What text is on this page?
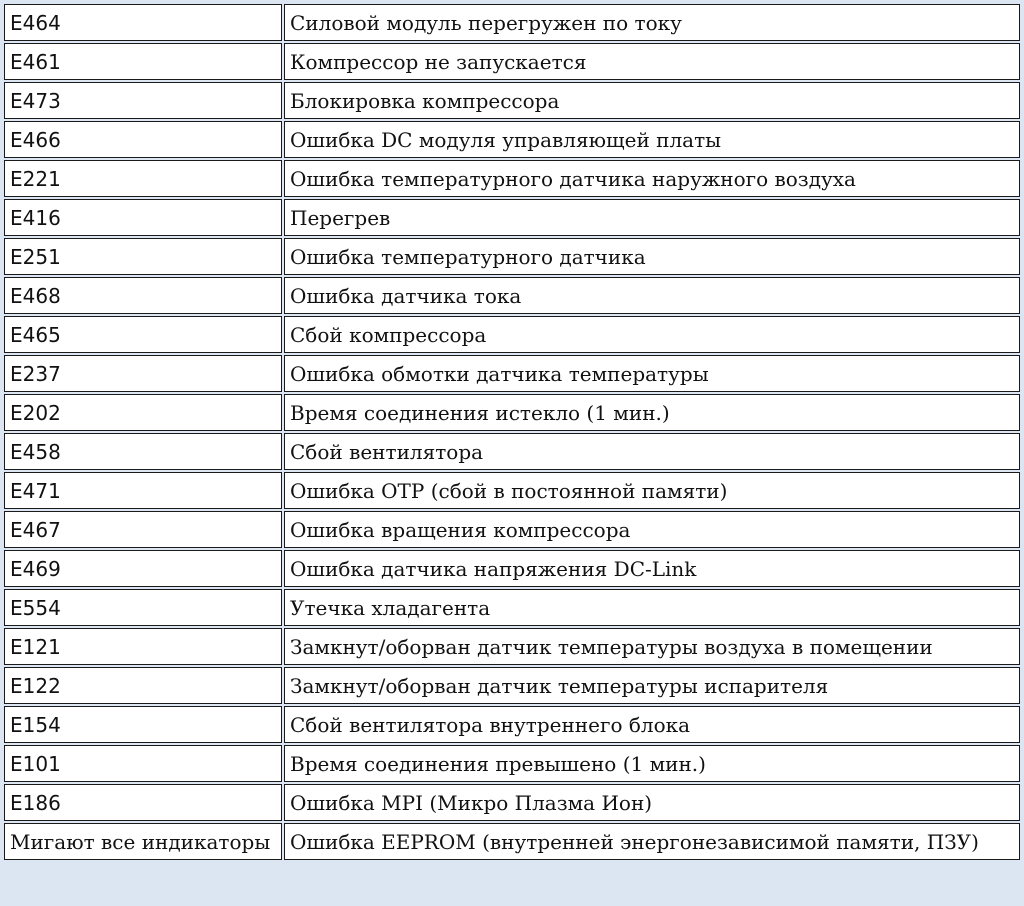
E464	Силовой модуль перегружен по току
E461	Компрессор не запускается
E473	Блокировка компрессора
E466	Ошибка DC модуля управляющей платы
E221	Ошибка температурного датчика наружного воздуха
E416	Перегрев
E251	Ошибка температурного датчика
E468	Ошибка датчика тока
E465	Сбой компрессора
E237	Ошибка обмотки датчика температуры
E202	Время соединения истекло (1 мин.)
E458	Сбой вентилятора
E471	Ошибка OTP (сбой в постоянной памяти)
E467	Ошибка вращения компрессора
E469	Ошибка датчика напряжения DC-Link
E554	Утечка хладагента
E121	Замкнут/оборван датчик температуры воздуха в помещении
E122	Замкнут/оборван датчик температуры испарителя
E154	Сбой вентилятора внутреннего блока
E101	Время соединения превышено (1 мин.)
E186	Ошибка MPI (Микро Плазма Ион)
Мигают все индикаторы	Ошибка EEPROM (внутренней энергонезависимой памяти, ПЗУ)
